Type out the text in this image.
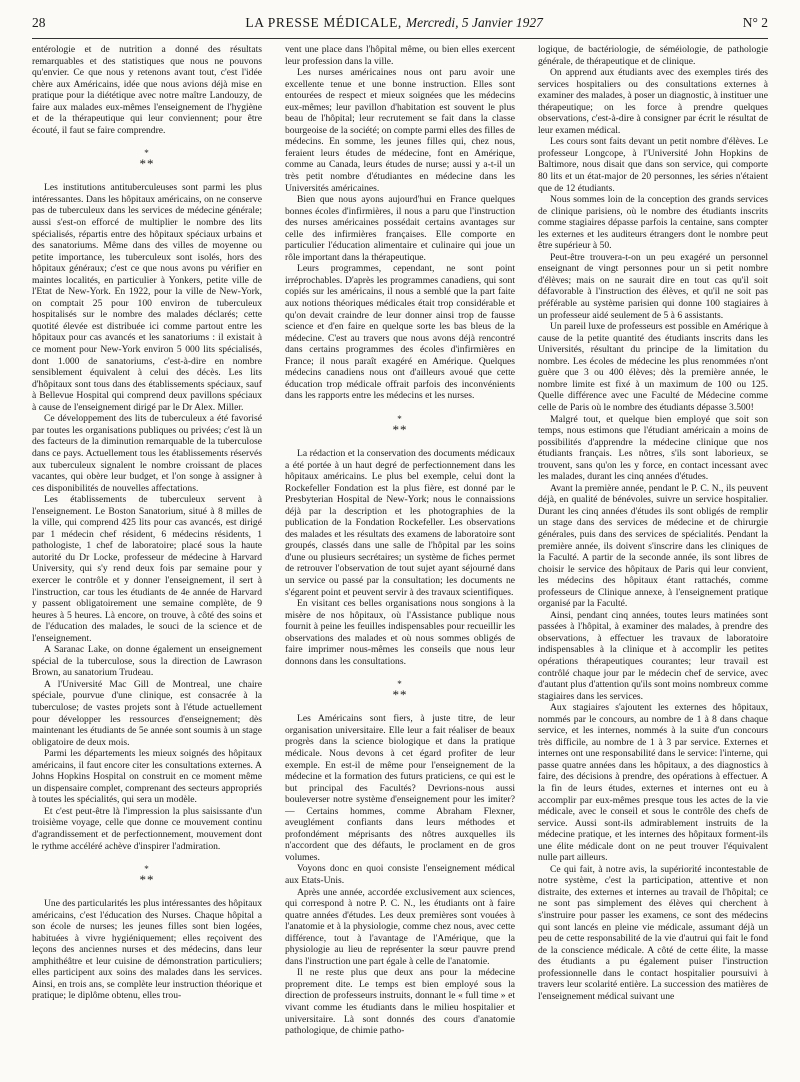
28	LA PRESSE MÉDICALE, Mercredi, 5 Janvier 1927	N° 2

entérologie et de nutrition a donné des résultats remarquables et des statistiques que nous ne pouvons qu'envier. Ce que nous y retenons avant tout, c'est l'idée chère aux Américains, idée que nous avions déjà mise en pratique pour la diététique avec notre maître Landouzy, de faire aux malades eux-mêmes l'enseignement de l'hygiène et de la thérapeutique qui leur conviennent; pour être écouté, il faut se faire comprendre.

*
**

Les institutions antituberculeuses sont parmi les plus intéressantes. Dans les hôpitaux américains, on ne conserve pas de tuberculeux dans les services de médecine générale; aussi s'est-on efforcé de multiplier le nombre des lits spécialisés, répartis entre des hôpitaux spéciaux urbains et des sanatoriums. Même dans des villes de moyenne ou petite importance, les tuberculeux sont isolés, hors des hôpitaux généraux; c'est ce que nous avons pu vérifier en maintes localités, en particulier à Yonkers, petite ville de l'Etat de New-York. En 1922, pour la ville de New-York, on comptait 25 pour 100 environ de tuberculeux hospitalisés sur le nombre des malades déclarés; cette quotité élevée est distribuée ici comme partout entre les hôpitaux pour cas avancés et les sanatoriums : il existait à ce moment pour New-York environ 5 000 lits spécialisés, dont 1.000 de sanatoriums, c'est-à-dire en nombre sensiblement équivalent à celui des décès. Les lits d'hôpitaux sont tous dans des établissements spéciaux, sauf à Bellevue Hospital qui comprend deux pavillons spéciaux à cause de l'enseignement dirigé par le Dr Alex. Miller.

Ce développement des lits de tuberculeux a été favorisé par toutes les organisations publiques ou privées; c'est là un des facteurs de la diminution remarquable de la tuberculose dans ce pays. Actuellement tous les établissements réservés aux tuberculeux signalent le nombre croissant de places vacantes, qui obère leur budget, et l'on songe à assigner à ces disponibilités de nouvelles affectations.

Les établissements de tuberculeux servent à l'enseignement. Le Boston Sanatorium, situé à 8 milles de la ville, qui comprend 425 lits pour cas avancés, est dirigé par 1 médecin chef résident, 6 médecins résidents, 1 pathologiste, 1 chef de laboratoire; placé sous la haute autorité du Dr Locke, professeur de médecine à Harvard University, qui s'y rend deux fois par semaine pour y exercer le contrôle et y donner l'enseignement, il sert à l'instruction, car tous les étudiants de 4e année de Harvard y passent obligatoirement une semaine complète, de 9 heures à 5 heures. Là encore, on trouve, à côté des soins et de l'éducation des malades, le souci de la science et de l'enseignement.

A Saranac Lake, on donne également un enseignement spécial de la tuberculose, sous la direction de Lawrason Brown, au sanatorium Trudeau.

A l'Université Mac Gill de Montreal, une chaire spéciale, pourvue d'une clinique, est consacrée à la tuberculose; de vastes projets sont à l'étude actuellement pour développer les ressources d'enseignement; dès maintenant les étudiants de 5e année sont soumis à un stage obligatoire de deux mois.

Parmi les départements les mieux soignés des hôpitaux américains, il faut encore citer les consultations externes. A Johns Hopkins Hospital on construit en ce moment même un dispensaire complet, comprenant des secteurs appropriés à toutes les spécialités, qui sera un modèle.

Et c'est peut-être là l'impression la plus saisissante d'un troisième voyage, celle que donne ce mouvement continu d'agrandissement et de perfectionnement, mouvement dont le rythme accéléré achève d'inspirer l'admiration.

*
**

Une des particularités les plus intéressantes des hôpitaux américains, c'est l'éducation des Nurses. Chaque hôpital a son école de nurses; les jeunes filles sont bien logées, habituées à vivre hygiéniquement; elles reçoivent des leçons des anciennes nurses et des médecins, dans leur amphithéâtre et leur cuisine de démonstration particuliers; elles participent aux soins des malades dans les services. Ainsi, en trois ans, se complète leur instruction théorique et pratique; le diplôme obtenu, elles trou-

vent une place dans l'hôpital même, ou bien elles exercent leur profession dans la ville.

Les nurses américaines nous ont paru avoir une excellente tenue et une bonne instruction. Elles sont entourées de respect et mieux soignées que les médecins eux-mêmes; leur pavillon d'habitation est souvent le plus beau de l'hôpital; leur recrutement se fait dans la classe bourgeoise de la société; on compte parmi elles des filles de médecins. En somme, les jeunes filles qui, chez nous, feraient leurs études de médecine, font en Amérique, comme au Canada, leurs études de nurse; aussi y a-t-il un très petit nombre d'étudiantes en médecine dans les Universités américaines.

Bien que nous ayons aujourd'hui en France quelques bonnes écoles d'infirmières, il nous a paru que l'instruction des nurses américaines possédait certains avantages sur celle des infirmières françaises. Elle comporte en particulier l'éducation alimentaire et culinaire qui joue un rôle important dans la thérapeutique.

Leurs programmes, cependant, ne sont point irréprochables. D'après les programmes canadiens, qui sont copiés sur les américains, il nous a semblé que la part faite aux notions théoriques médicales était trop considérable et qu'on devait craindre de leur donner ainsi trop de fausse science et d'en faire en quelque sorte les bas bleus de la médecine. C'est au travers que nous avons déjà rencontré dans certains programmes des écoles d'infirmières en France; il nous paraît exagéré en Amérique. Quelques médecins canadiens nous ont d'ailleurs avoué que cette éducation trop médicale offrait parfois des inconvénients dans les rapports entre les médecins et les nurses.

*
**

La rédaction et la conservation des documents médicaux a été portée à un haut degré de perfectionnement dans les hôpitaux américains. Le plus bel exemple, celui dont la Rockefeller Fondation est la plus fière, est donné par le Presbyterian Hospital de New-York; nous le connaissions déjà par la description et les photographies de la publication de la Fondation Rockefeller. Les observations des malades et les résultats des examens de laboratoire sont groupés, classés dans une salle de l'hôpital par les soins d'une ou plusieurs secrétaires; un système de fiches permet de retrouver l'observation de tout sujet ayant séjourné dans un service ou passé par la consultation; les documents ne s'égarent point et peuvent servir à des travaux scientifiques.

En visitant ces belles organisations nous songions à la misère de nos hôpitaux, où l'Assistance publique nous fournit à peine les feuilles indispensables pour recueillir les observations des malades et où nous sommes obligés de faire imprimer nous-mêmes les conseils que nous leur donnons dans les consultations.

*
**

Les Américains sont fiers, à juste titre, de leur organisation universitaire. Elle leur a fait réaliser de beaux progrès dans la science biologique et dans la pratique médicale. Nous devons à cet égard profiter de leur exemple. En est-il de même pour l'enseignement de la médecine et la formation des futurs praticiens, ce qui est le but principal des Facultés? Devrions-nous aussi bouleverser notre système d'enseignement pour les imiter? — Certains hommes, comme Abraham Flexner, aveuglément confiants dans leurs méthodes et profondément méprisants des nôtres auxquelles ils n'accordent que des défauts, le proclament en de gros volumes.

Voyons donc en quoi consiste l'enseignement médical aux Etats-Unis.

Après une année, accordée exclusivement aux sciences, qui correspond à notre P. C. N., les étudiants ont à faire quatre années d'études. Les deux premières sont vouées à l'anatomie et à la physiologie, comme chez nous, avec cette différence, tout à l'avantage de l'Amérique, que la physiologie au lieu de représenter la sœur pauvre prend dans l'instruction une part égale à celle de l'anatomie.

Il ne reste plus que deux ans pour la médecine proprement dite. Le temps est bien employé sous la direction de professeurs instruits, donnant le « full time » et vivant comme les étudiants dans le milieu hospitalier et universitaire. Là sont donnés des cours d'anatomie pathologique, de chimie patho-

logique, de bactériologie, de séméiologie, de pathologie générale, de thérapeutique et de clinique.

On apprend aux étudiants avec des exemples tirés des services hospitaliers ou des consultations externes à examiner des malades, à poser un diagnostic, à instituer une thérapeutique; on les force à prendre quelques observations, c'est-à-dire à consigner par écrit le résultat de leur examen médical.

Les cours sont faits devant un petit nombre d'élèves. Le professeur Longcope, à l'Université John Hopkins de Baltimore, nous disait que dans son service, qui comporte 80 lits et un état-major de 20 personnes, les séries n'étaient que de 12 étudiants.

Nous sommes loin de la conception des grands services de clinique parisiens, où le nombre des étudiants inscrits comme stagiaires dépasse parfois la centaine, sans compter les externes et les auditeurs étrangers dont le nombre peut être supérieur à 50.

Peut-être trouvera-t-on un peu exagéré un personnel enseignant de vingt personnes pour un si petit nombre d'élèves; mais on ne saurait dire en tout cas qu'il soit défavorable à l'instruction des élèves, et qu'il ne soit pas préférable au système parisien qui donne 100 stagiaires à un professeur aidé seulement de 5 à 6 assistants.

Un pareil luxe de professeurs est possible en Amérique à cause de la petite quantité des étudiants inscrits dans les Universités, résultant du principe de la limitation du nombre. Les écoles de médecine les plus renommées n'ont guère que 3 ou 400 élèves; dès la première année, le nombre limite est fixé à un maximum de 100 ou 125. Quelle différence avec une Faculté de Médecine comme celle de Paris où le nombre des étudiants dépasse 3.500!

Malgré tout, et quelque bien employé que soit son temps, nous estimons que l'étudiant américain a moins de possibilités d'apprendre la médecine clinique que nos étudiants français. Les nôtres, s'ils sont laborieux, se trouvent, sans qu'on les y force, en contact incessant avec les malades, durant les cinq années d'études.

Avant la première année, pendant le P. C. N., ils peuvent déjà, en qualité de bénévoles, suivre un service hospitalier. Durant les cinq années d'études ils sont obligés de remplir un stage dans des services de médecine et de chirurgie générales, puis dans des services de spécialités. Pendant la première année, ils doivent s'inscrire dans les cliniques de la Faculté. A partir de la seconde année, ils sont libres de choisir le service des hôpitaux de Paris qui leur convient, les médecins des hôpitaux étant rattachés, comme professeurs de Clinique annexe, à l'enseignement pratique organisé par la Faculté.

Ainsi, pendant cinq années, toutes leurs matinées sont passées à l'hôpital, à examiner des malades, à prendre des observations, à effectuer les travaux de laboratoire indispensables à la clinique et à accomplir les petites opérations thérapeutiques courantes; leur travail est contrôlé chaque jour par le médecin chef de service, avec d'autant plus d'attention qu'ils sont moins nombreux comme stagiaires dans les services.

Aux stagiaires s'ajoutent les externes des hôpitaux, nommés par le concours, au nombre de 1 à 8 dans chaque service, et les internes, nommés à la suite d'un concours très difficile, au nombre de 1 à 3 par service. Externes et internes ont une responsabilité dans le service: l'interne, qui passe quatre années dans les hôpitaux, a des diagnostics à faire, des décisions à prendre, des opérations à effectuer. A la fin de leurs études, externes et internes ont eu à accomplir par eux-mêmes presque tous les actes de la vie médicale, avec le conseil et sous le contrôle des chefs de service. Aussi sont-ils admirablement instruits de la médecine pratique, et les internes des hôpitaux forment-ils une élite médicale dont on ne peut trouver l'équivalent nulle part ailleurs.

Ce qui fait, à notre avis, la supériorité incontestable de notre système, c'est la participation, attentive et non distraite, des externes et internes au travail de l'hôpital; ce ne sont pas simplement des élèves qui cherchent à s'instruire pour passer les examens, ce sont des médecins qui sont lancés en pleine vie médicale, assumant déjà un peu de cette responsabilité de la vie d'autrui qui fait le fond de la conscience médicale. A côté de cette élite, la masse des étudiants a pu également puiser l'instruction professionnelle dans le contact hospitalier poursuivi à travers leur scolarité entière. La succession des matières de l'enseignement médical suivant une
